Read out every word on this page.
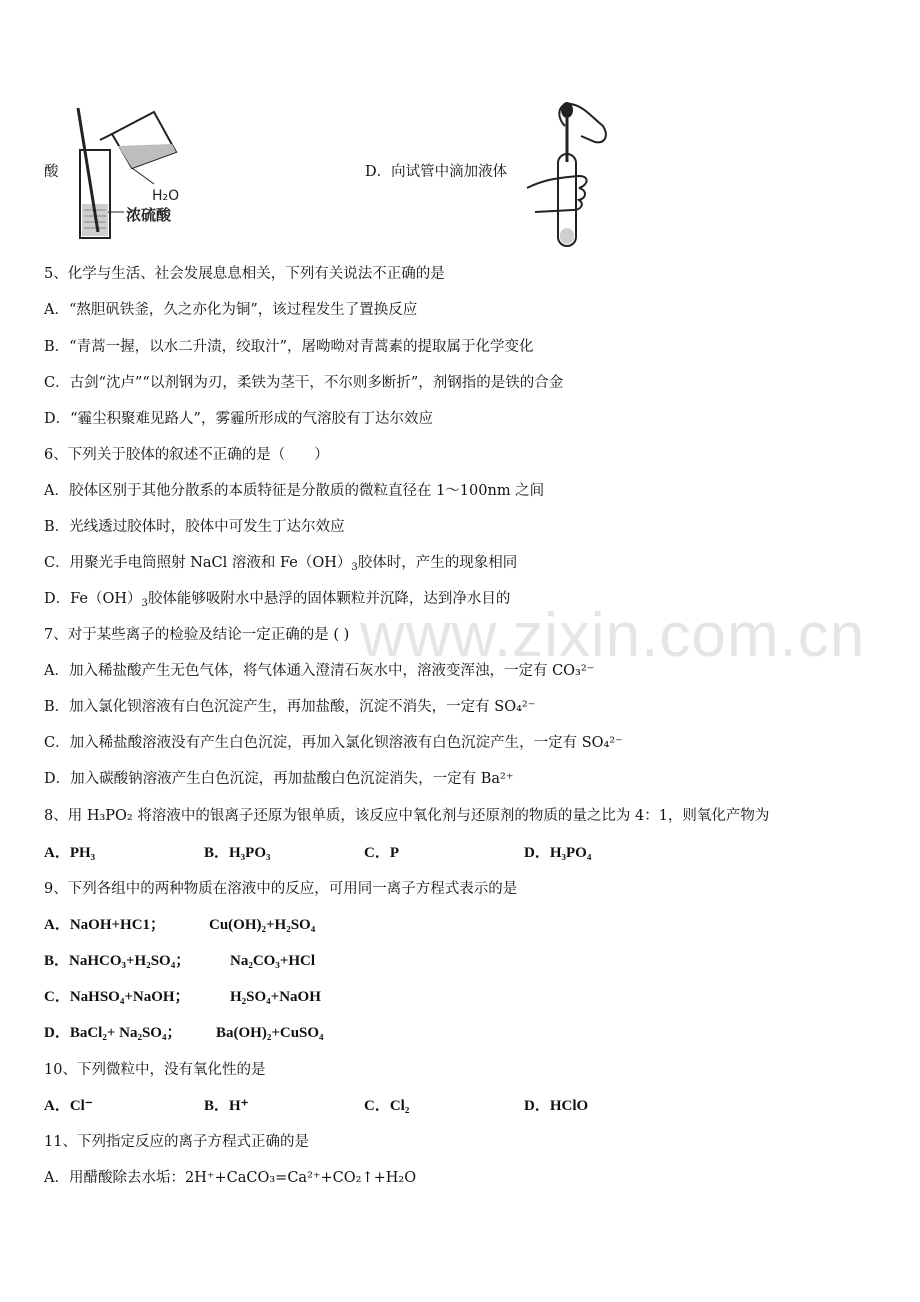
www.zixin.com.cn
酸
H₂O
浓硫酸
D．向试管中滴加液体
5、化学与生活、社会发展息息相关，下列有关说法不正确的是
A．“熬胆矾铁釜，久之亦化为铜”，该过程发生了置换反应
B．“青蒿一握，以水二升渍，绞取汁”，屠呦呦对青蒿素的提取属于化学变化
C．古剑“沈卢”“以剂钢为刃，柔铁为茎干，不尔则多断折”，剂钢指的是铁的合金
D．“霾尘积聚难见路人”，雾霾所形成的气溶胶有丁达尔效应
6、下列关于胶体的叙述不正确的是（　　）
A．胶体区别于其他分散系的本质特征是分散质的微粒直径在 1～100nm 之间
B．光线透过胶体时，胶体中可发生丁达尔效应
C．用聚光手电筒照射 NaCl 溶液和 $Fe(OH)_3$胶体时，产生的现象相同
D．$Fe(OH)_3$胶体能够吸附水中悬浮的固体颗粒并沉降，达到净水目的
7、对于某些离子的检验及结论一定正确的是 ( )
A．加入稀盐酸产生无色气体，将气体通入澄清石灰水中，溶液变浑浊，一定有 CO₃²⁻
B．加入氯化钡溶液有白色沉淀产生，再加盐酸，沉淀不消失，一定有 SO₄²⁻
C．加入稀盐酸溶液没有产生白色沉淀，再加入氯化钡溶液有白色沉淀产生，一定有 SO₄²⁻
D．加入碳酸钠溶液产生白色沉淀，再加盐酸白色沉淀消失，一定有 Ba²⁺
8、用 H₃PO₂ 将溶液中的银离子还原为银单质，该反应中氧化剂与还原剂的物质的量之比为 4：1，则氧化产物为
A．PH₃	B．H₃PO₃	C．P	D．H₃PO₄
9、下列各组中的两种物质在溶液中的反应，可用同一离子方程式表示的是
A．NaOH+HC1；	Cu(OH)₂+H₂SO₄
B．NaHCO₃+H₂SO₄；	Na₂CO₃+HCl
C．NaHSO₄+NaOH；	H₂SO₄+NaOH
D．BaCl₂+ Na₂SO₄； Ba(OH)₂+CuSO₄
10、下列微粒中，没有氧化性的是
A．Cl⁻	B．H⁺	C．Cl₂	D．HClO
11、下列指定反应的离子方程式正确的是
A．用醋酸除去水垢：2H⁺+CaCO₃=Ca²⁺+CO₂↑+H₂O
